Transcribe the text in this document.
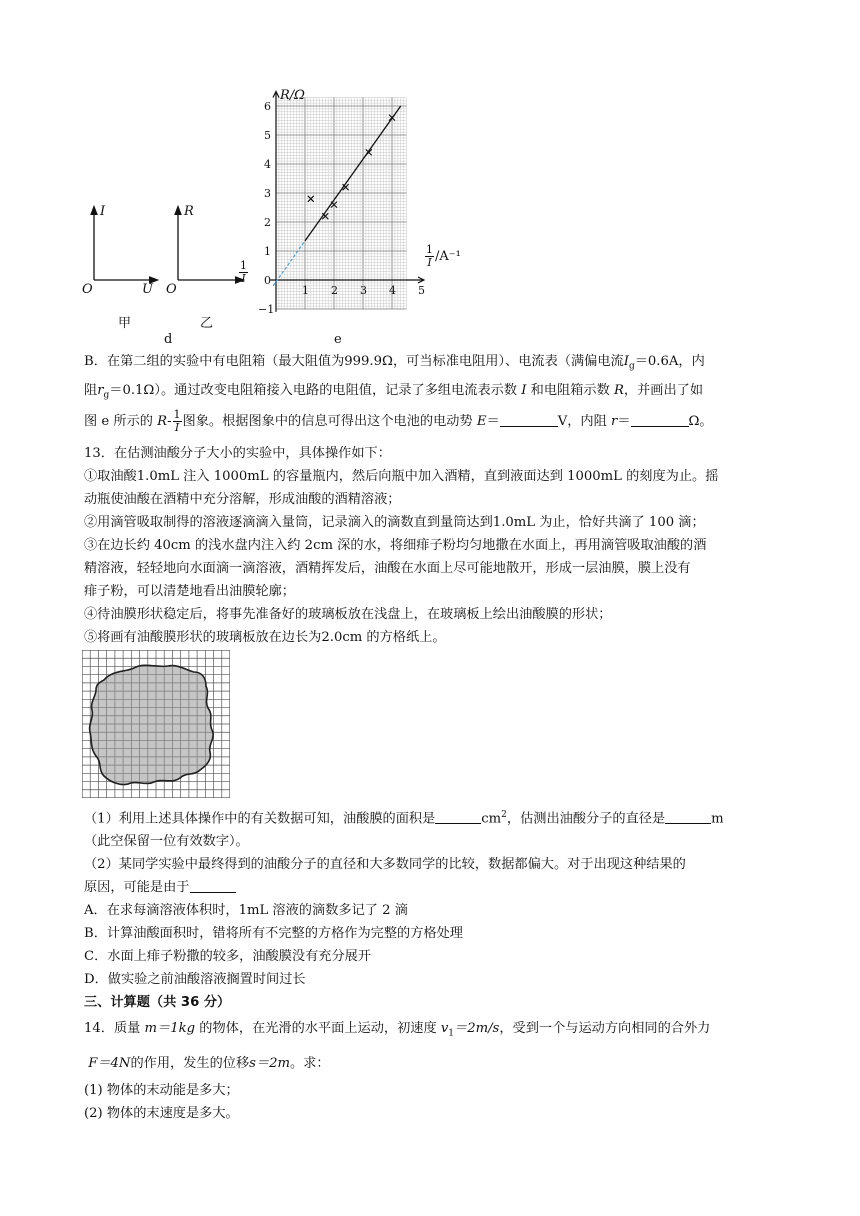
I
O	U
甲
R
O
$\frac{1}{I}$
乙
d
1 2 3 4 5
6
5
4
3
2
1
0
−1
R/Ω
$\frac{1}{I} /A^{-1}$
e

B．在第二组的实验中有电阻箱（最大阻值为999.9Ω，可当标准电阻用）、电流表（满偏电流$I_g=0.6A$，内

阻$r_g=0.1\Omega$）。通过改变电阻箱接入电路的电阻值，记录了多组电流表示数 I 和电阻箱示数 R，并画出了如

图 e 所示的 $R- \frac{1}{I}$ 图象。根据图象中的信息可得出这个电池的电动势 E＝	V，内阻 r＝	Ω。

13．在估测油酸分子大小的实验中，具体操作如下：

①取油酸1.0mL 注入 1000mL 的容量瓶内，然后向瓶中加入酒精，直到液面达到 1000mL 的刻度为止。摇

动瓶使油酸在酒精中充分溶解，形成油酸的酒精溶液；

②用滴管吸取制得的溶液逐滴滴入量筒，记录滴入的滴数直到量筒达到1.0mL 为止，恰好共滴了 100 滴；

③在边长约 40cm 的浅水盘内注入约 2cm 深的水，将细痱子粉均匀地撒在水面上，再用滴管吸取油酸的酒

精溶液，轻轻地向水面滴一滴溶液，酒精挥发后，油酸在水面上尽可能地散开，形成一层油膜，膜上没有

痱子粉，可以清楚地看出油膜轮廓；

④待油膜形状稳定后，将事先准备好的玻璃板放在浅盘上，在玻璃板上绘出油酸膜的形状；

⑤将画有油酸膜形状的玻璃板放在边长为2.0cm 的方格纸上。

（1）利用上述具体操作中的有关数据可知，油酸膜的面积是	$cm^2$，估测出油酸分子的直径是	m

（此空保留一位有效数字）。

（2）某同学实验中最终得到的油酸分子的直径和大多数同学的比较，数据都偏大。对于出现这种结果的

原因，可能是由于

A．在求每滴溶液体积时，1mL 溶液的滴数多记了 2 滴

B．计算油酸面积时，错将所有不完整的方格作为完整的方格处理

C．水面上痱子粉撒的较多，油酸膜没有充分展开

D．做实验之前油酸溶液搁置时间过长

三、计算题（共 36 分）

14．质量 m＝1kg 的物体，在光滑的水平面上运动，初速度 $v_1=2m/s$，受到一个与运动方向相同的合外力

F＝4N的作用，发生的位移s＝2m。求：

(1) 物体的末动能是多大；

(2) 物体的末速度是多大。
